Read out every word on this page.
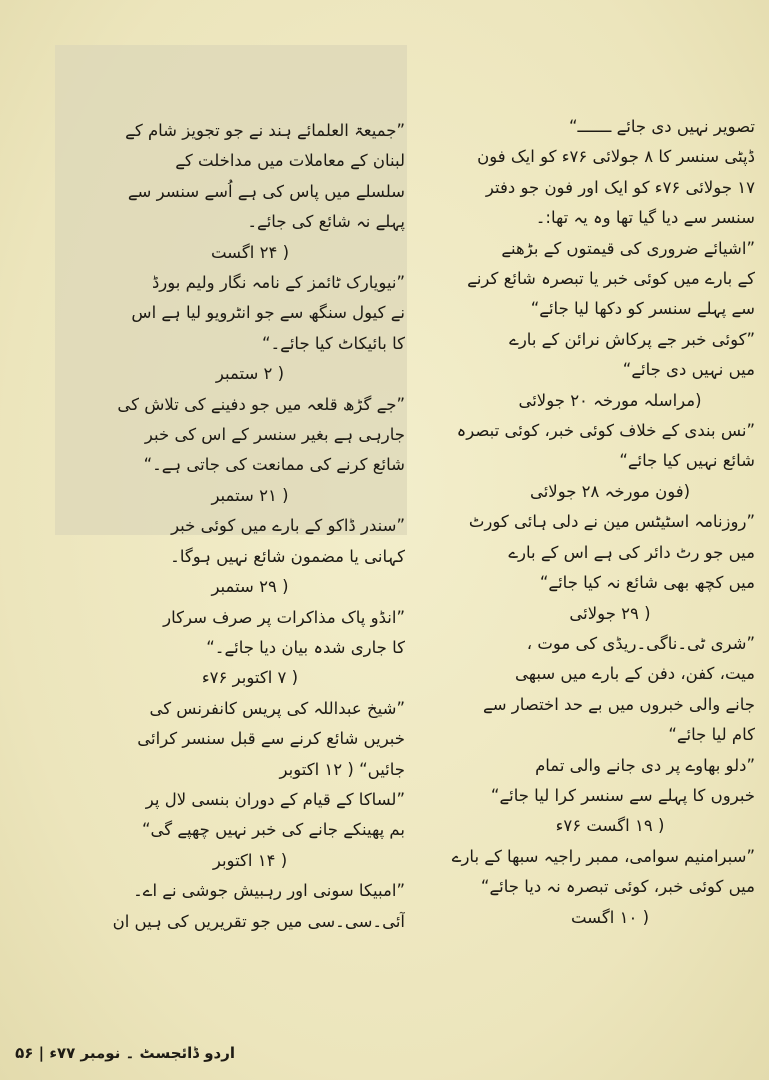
تصویر نہیں دی جائے ـــــــ“
ڈپٹی سنسر کا ۸ جولائی ۷۶ء کو ایک فون
۱۷ جولائی ۷۶ء کو ایک اور فون جو دفتر
سنسر سے دیا گیا تھا وہ یہ تھا:۔
”اشیائے ضروری کی قیمتوں کے بڑھنے
کے بارے میں کوئی خبر یا تبصرہ شائع کرنے
سے پہلے سنسر کو دکھا لیا جائے“
”کوئی خبر جے پرکاش نرائن کے بارے
میں نہیں دی جائے“
(مراسلہ مورخہ ۲۰ جولائی
”نس بندی کے خلاف کوئی خبر، کوئی تبصرہ
شائع نہیں کیا جائے“
(فون مورخہ ۲۸ جولائی
”روزنامہ اسٹیٹس مین نے دلی ہائی کورٹ
میں جو رٹ دائر کی ہے اس کے بارے
میں کچھ بھی شائع نہ کیا جائے“
( ۲۹ جولائی
”شری ٹی۔ناگی۔ریڈی کی موت ،
میت، کفن، دفن کے بارے میں سبھی
جانے والی خبروں میں بے حد اختصار سے
کام لیا جائے“
”دلو بھاوے پر دی جانے والی تمام
خبروں کا پہلے سے سنسر کرا لیا جائے“
( ۱۹ اگست ۷۶ء
”سبرامنیم سوامی، ممبر راجیہ سبھا کے بارے
میں کوئی خبر، کوئی تبصرہ نہ دیا جائے“
( ۱۰ اگست
”جمیعۃ العلمائے ہند نے جو تجویز شام کے
لبنان کے معاملات میں مداخلت کے
سلسلے میں پاس کی ہے اُسے سنسر سے
پہلے نہ شائع کی جائے۔
( ۲۴ اگست
”نیویارک ٹائمز کے نامہ نگار ولیم بورڈ
نے کیول سنگھ سے جو انٹرویو لیا ہے اس
کا بائیکاٹ کیا جائے۔“
( ۲ ستمبر
”جے گڑھ قلعہ میں جو دفینے کی تلاش کی
جارہی ہے بغیر سنسر کے اس کی خبر
شائع کرنے کی ممانعت کی جاتی ہے۔“
( ۲۱ ستمبر
”سندر ڈاکو کے بارے میں کوئی خبر
کہانی یا مضمون شائع نہیں ہوگا۔
( ۲۹ ستمبر
”انڈو پاک مذاکرات پر صرف سرکار
کا جاری شدہ بیان دیا جائے۔“
( ۷ اکتوبر ۷۶ء
”شیخ عبداللہ کی پریس کانفرنس کی
خبریں شائع کرنے سے قبل سنسر کرائی
جائیں“ ( ۱۲ اکتوبر
”لساکا کے قیام کے دوران بنسی لال پر
بم پھینکے جانے کی خبر نہیں چھپے گی“
( ۱۴ اکتوبر
”امبیکا سونی اور رہبیش جوشی نے اے۔
آئی۔سی۔سی میں جو تقریریں کی ہیں ان
اردو ڈائجسٹ ۔ نومبر ۷۷ء | ۵۶
